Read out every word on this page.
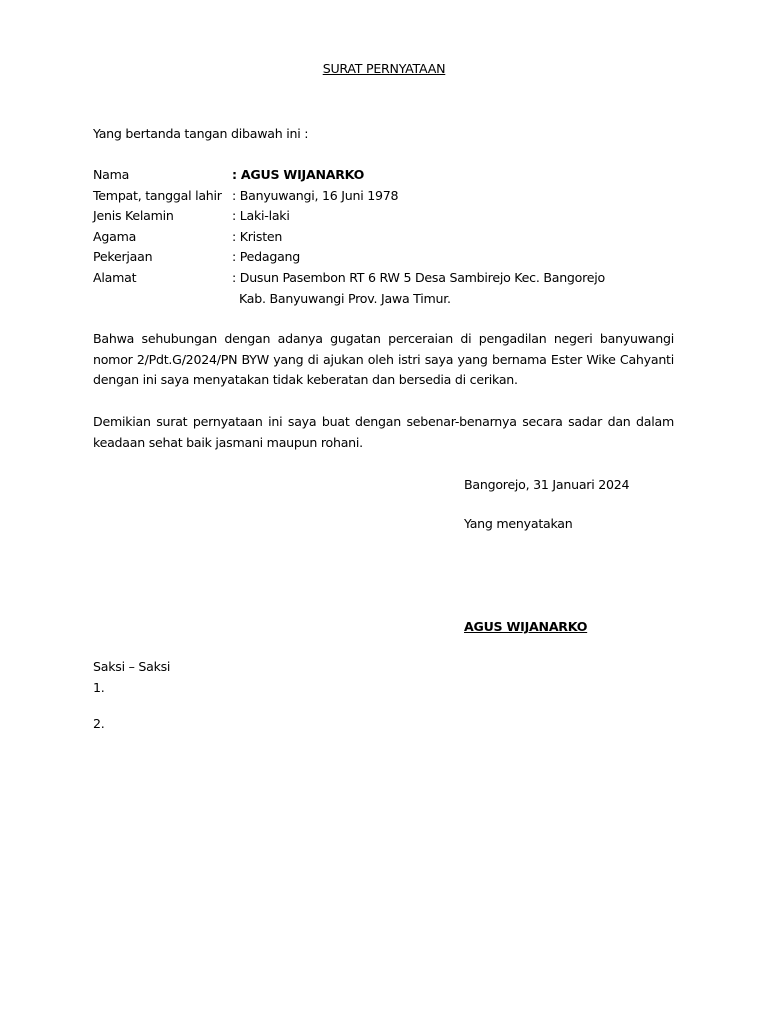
SURAT PERNYATAAN
Yang bertanda tangan dibawah ini :
Nama	: AGUS WIJANARKO
Tempat, tanggal lahir : Banyuwangi, 16 Juni 1978
Jenis Kelamin	: Laki-laki
Agama	: Kristen
Pekerjaan	: Pedagang
Alamat	: Dusun Pasembon RT 6 RW 5 Desa Sambirejo Kec. Bangorejo
Kab. Banyuwangi Prov. Jawa Timur.
Bahwa sehubungan dengan adanya gugatan perceraian di pengadilan negeri banyuwangi nomor 2/Pdt.G/2024/PN BYW yang di ajukan oleh istri saya yang bernama Ester Wike Cahyanti dengan ini saya menyatakan tidak keberatan dan bersedia di cerikan.
Demikian surat pernyataan ini saya buat dengan sebenar-benarnya secara sadar dan dalam keadaan sehat baik jasmani maupun rohani.
Bangorejo, 31 Januari 2024
Yang menyatakan
AGUS WIJANARKO
Saksi – Saksi
1.
2.
